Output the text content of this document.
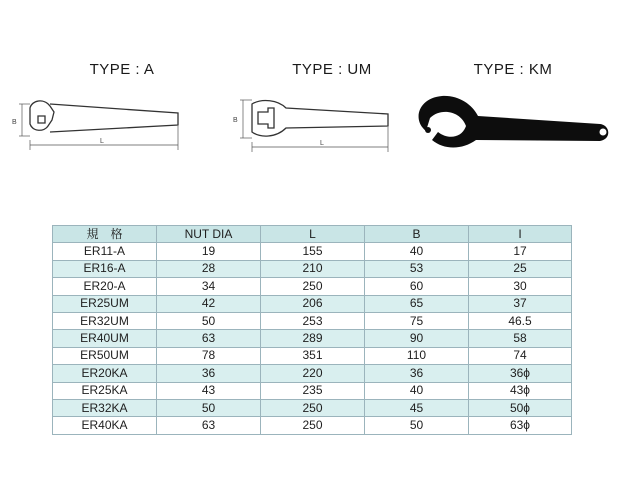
TYPE : A	TYPE : UM	TYPE : KM
B
L
B
L
規　格	NUT DIA	L	B	I
ER11-A	19	155	40	17
ER16-A	28	210	53	25
ER20-A	34	250	60	30
ER25UM	42	206	65	37
ER32UM	50	253	75	46.5
ER40UM	63	289	90	58
ER50UM	78	351	110	74
ER20KA	36	220	36	36ϕ
ER25KA	43	235	40	43ϕ
ER32KA	50	250	45	50ϕ
ER40KA	63	250	50	63ϕ
